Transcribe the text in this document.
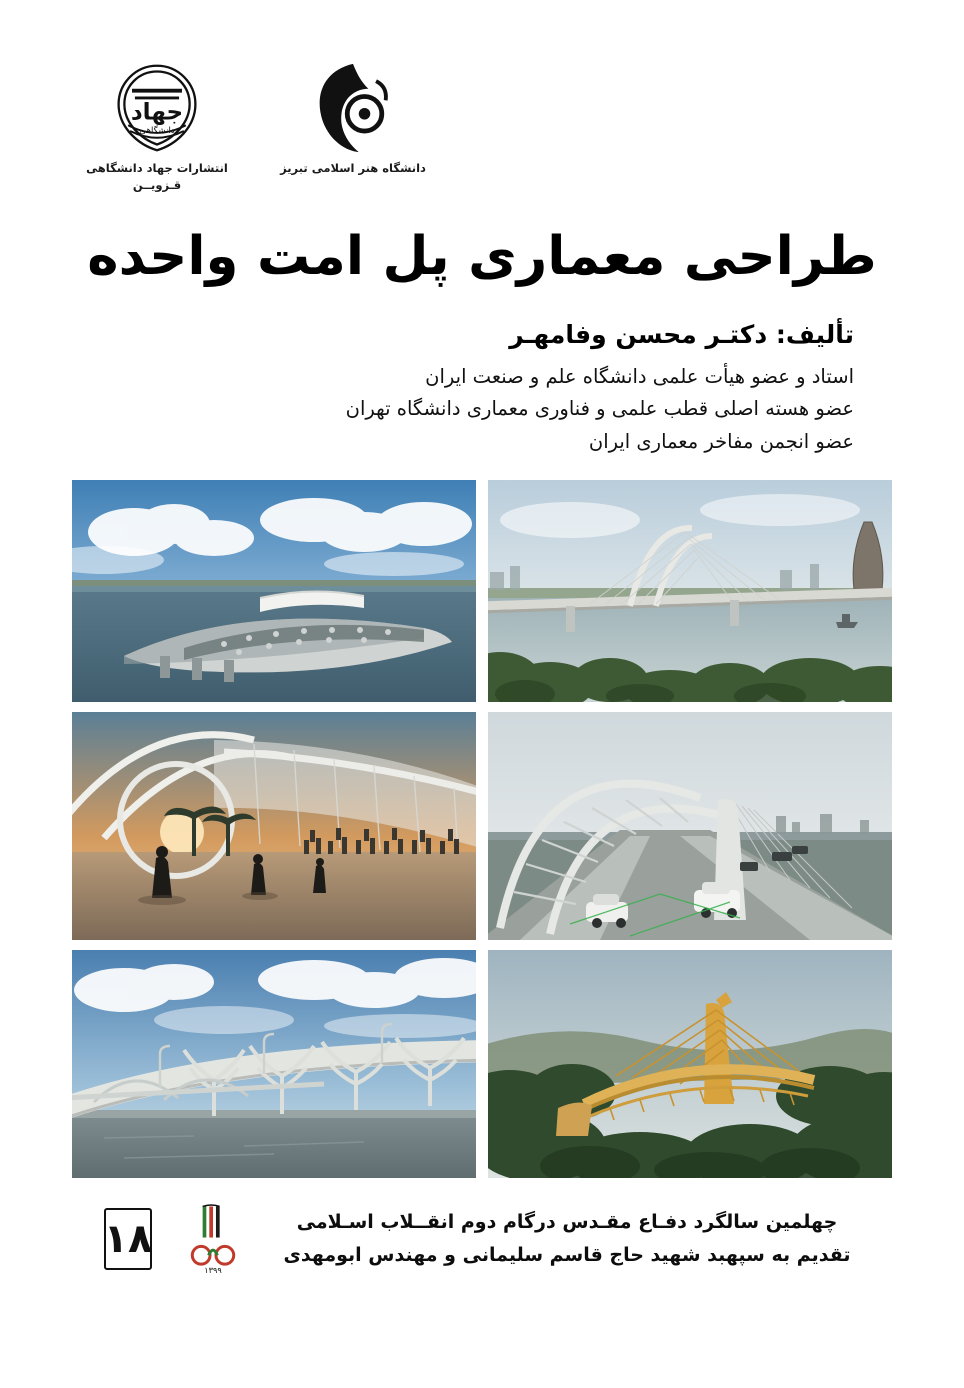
جهاد
دانشگاهی
انتشارات جهاد دانشگاهی
قـزویــن
دانشگاه هنر اسلامی تبریز
طراحی معماری پل امت واحده
تألیف: دکتـر محسن وفامهـر
استاد و عضو هیأت علمی دانشگاه علم و صنعت ایران
عضو هسته اصلی قطب علمی و فناوری معماری دانشگاه تهران
عضو انجمن مفاخر معماری ایران
۱۸
۱۳۹۹
چهلمین سالگرد دفـاع مقـدس درگام دوم انقــلاب اسـلامی
تقدیم به سپهبد شهید حاج قاسم سلیمانی و مهندس ابومهدی
